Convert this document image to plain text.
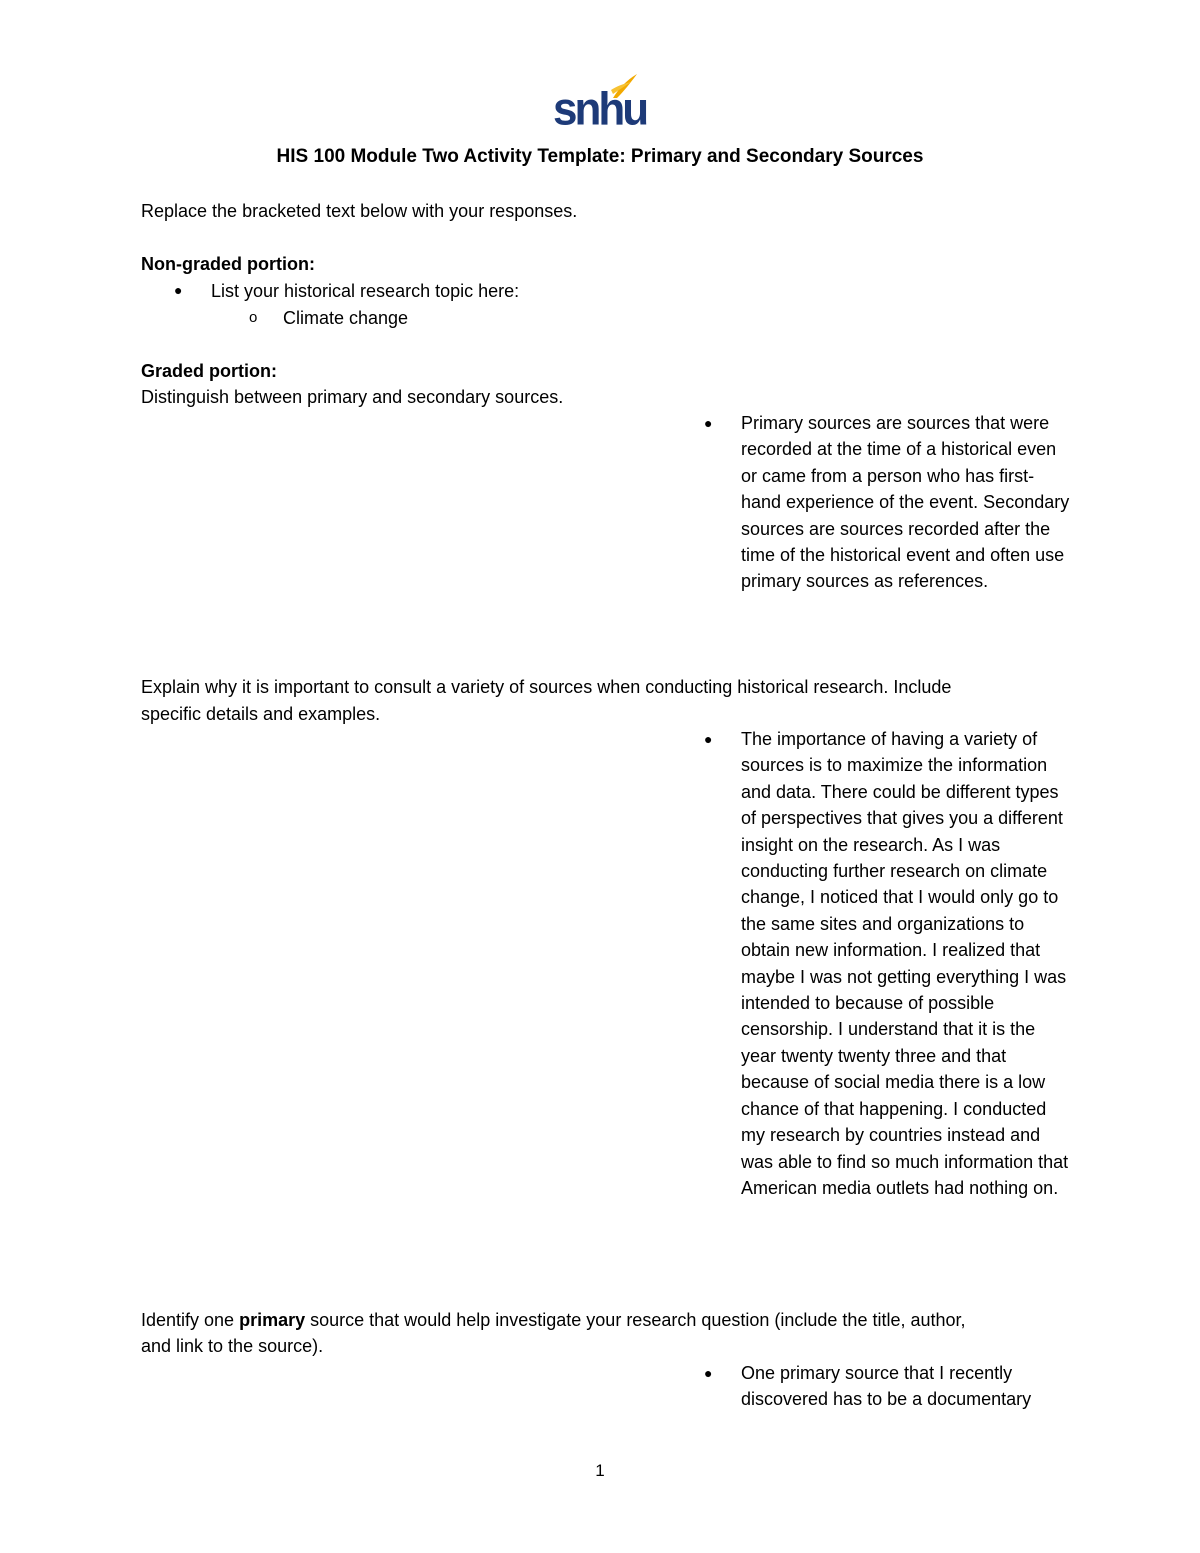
snhu
HIS 100 Module Two Activity Template: Primary and Secondary Sources
Replace the bracketed text below with your responses.
Non-graded portion:
● List your historical research topic here:
o Climate change
Graded portion:
Distinguish between primary and secondary sources.
● Primary sources are sources that were recorded at the time of a historical even or came from a person who has first-hand experience of the event. Secondary sources are sources recorded after the time of the historical event and often use primary sources as references.
Explain why it is important to consult a variety of sources when conducting historical research. Include
specific details and examples.
● The importance of having a variety of sources is to maximize the information and data. There could be different types of perspectives that gives you a different insight on the research. As I was conducting further research on climate change, I noticed that I would only go to the same sites and organizations to obtain new information. I realized that maybe I was not getting everything I was intended to because of possible censorship. I understand that it is the year twenty twenty three and that because of social media there is a low chance of that happening. I conducted my research by countries instead and was able to find so much information that American media outlets had nothing on.
Identify one primary source that would help investigate your research question (include the title, author,
and link to the source).
● One primary source that I recently discovered has to be a documentary
1
